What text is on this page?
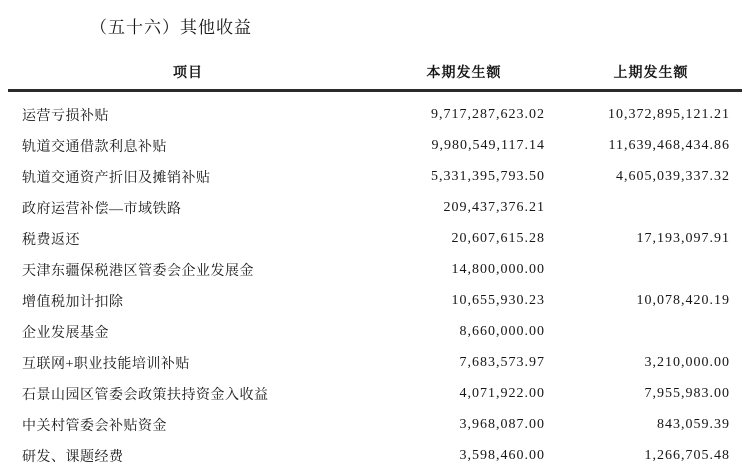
（五十六）其他收益
项目	本期发生额	上期发生额
运营亏损补贴	9,717,287,623.02	10,372,895,121.21
轨道交通借款利息补贴	9,980,549,117.14	11,639,468,434.86
轨道交通资产折旧及摊销补贴	5,331,395,793.50	4,605,039,337.32
政府运营补偿—市域铁路	209,437,376.21	
税费返还	20,607,615.28	17,193,097.91
天津东疆保税港区管委会企业发展金	14,800,000.00	
增值税加计扣除	10,655,930.23	10,078,420.19
企业发展基金	8,660,000.00	
互联网+职业技能培训补贴	7,683,573.97	3,210,000.00
石景山园区管委会政策扶持资金入收益	4,071,922.00	7,955,983.00
中关村管委会补贴资金	3,968,087.00	843,059.39
研发、课题经费	3,598,460.00	1,266,705.48
